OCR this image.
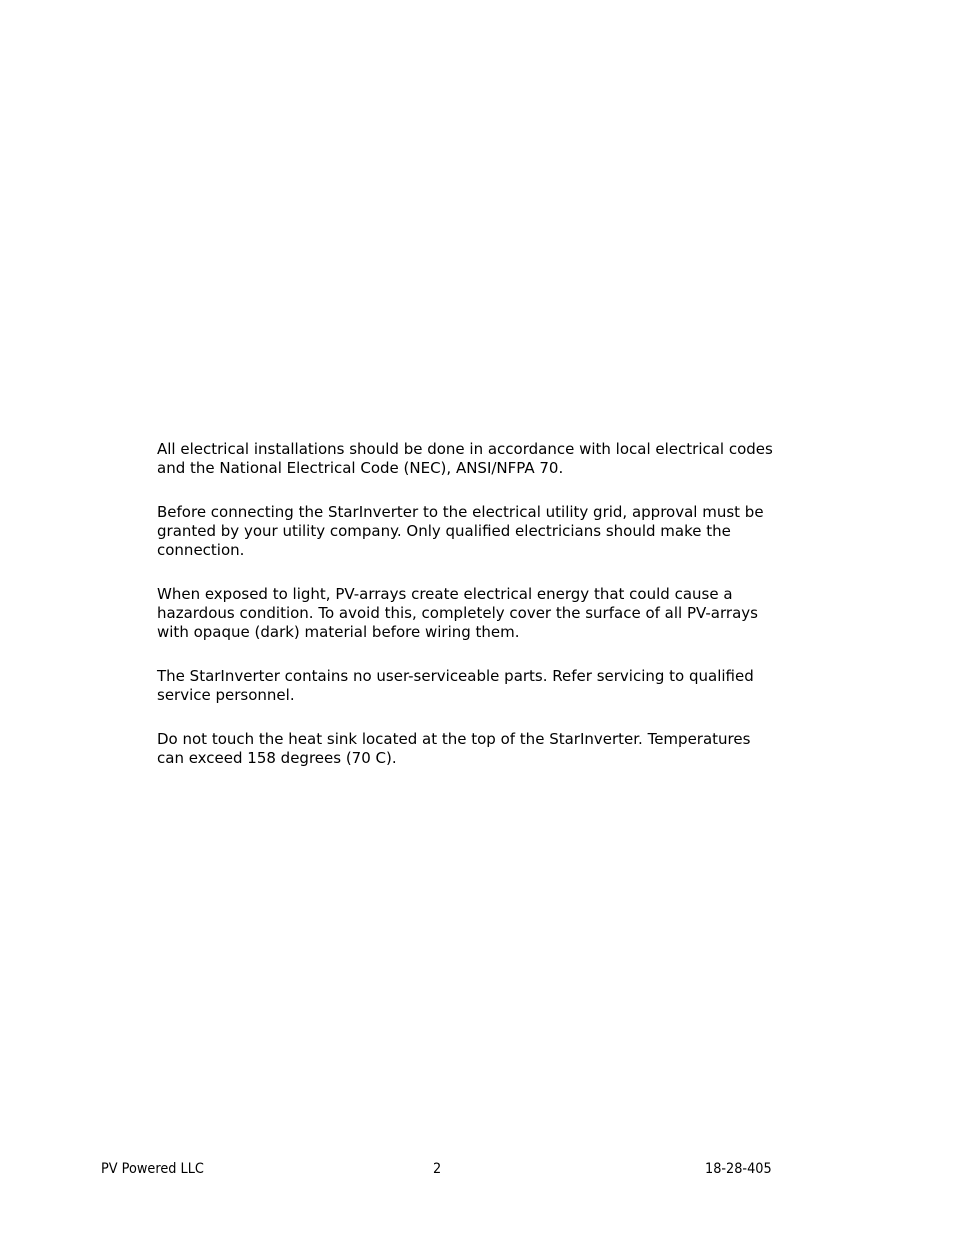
All electrical installations should be done in accordance with local electrical codes
and the National Electrical Code (NEC), ANSI/NFPA 70.

Before connecting the StarInverter to the electrical utility grid, approval must be
granted by your utility company. Only qualified electricians should make the
connection.

When exposed to light, PV-arrays create electrical energy that could cause a
hazardous condition. To avoid this, completely cover the surface of all PV-arrays
with opaque (dark) material before wiring them.

The StarInverter contains no user-serviceable parts. Refer servicing to qualified
service personnel.

Do not touch the heat sink located at the top of the StarInverter. Temperatures
can exceed 158 degrees (70 C).

PV Powered LLC	2	18-28-405
